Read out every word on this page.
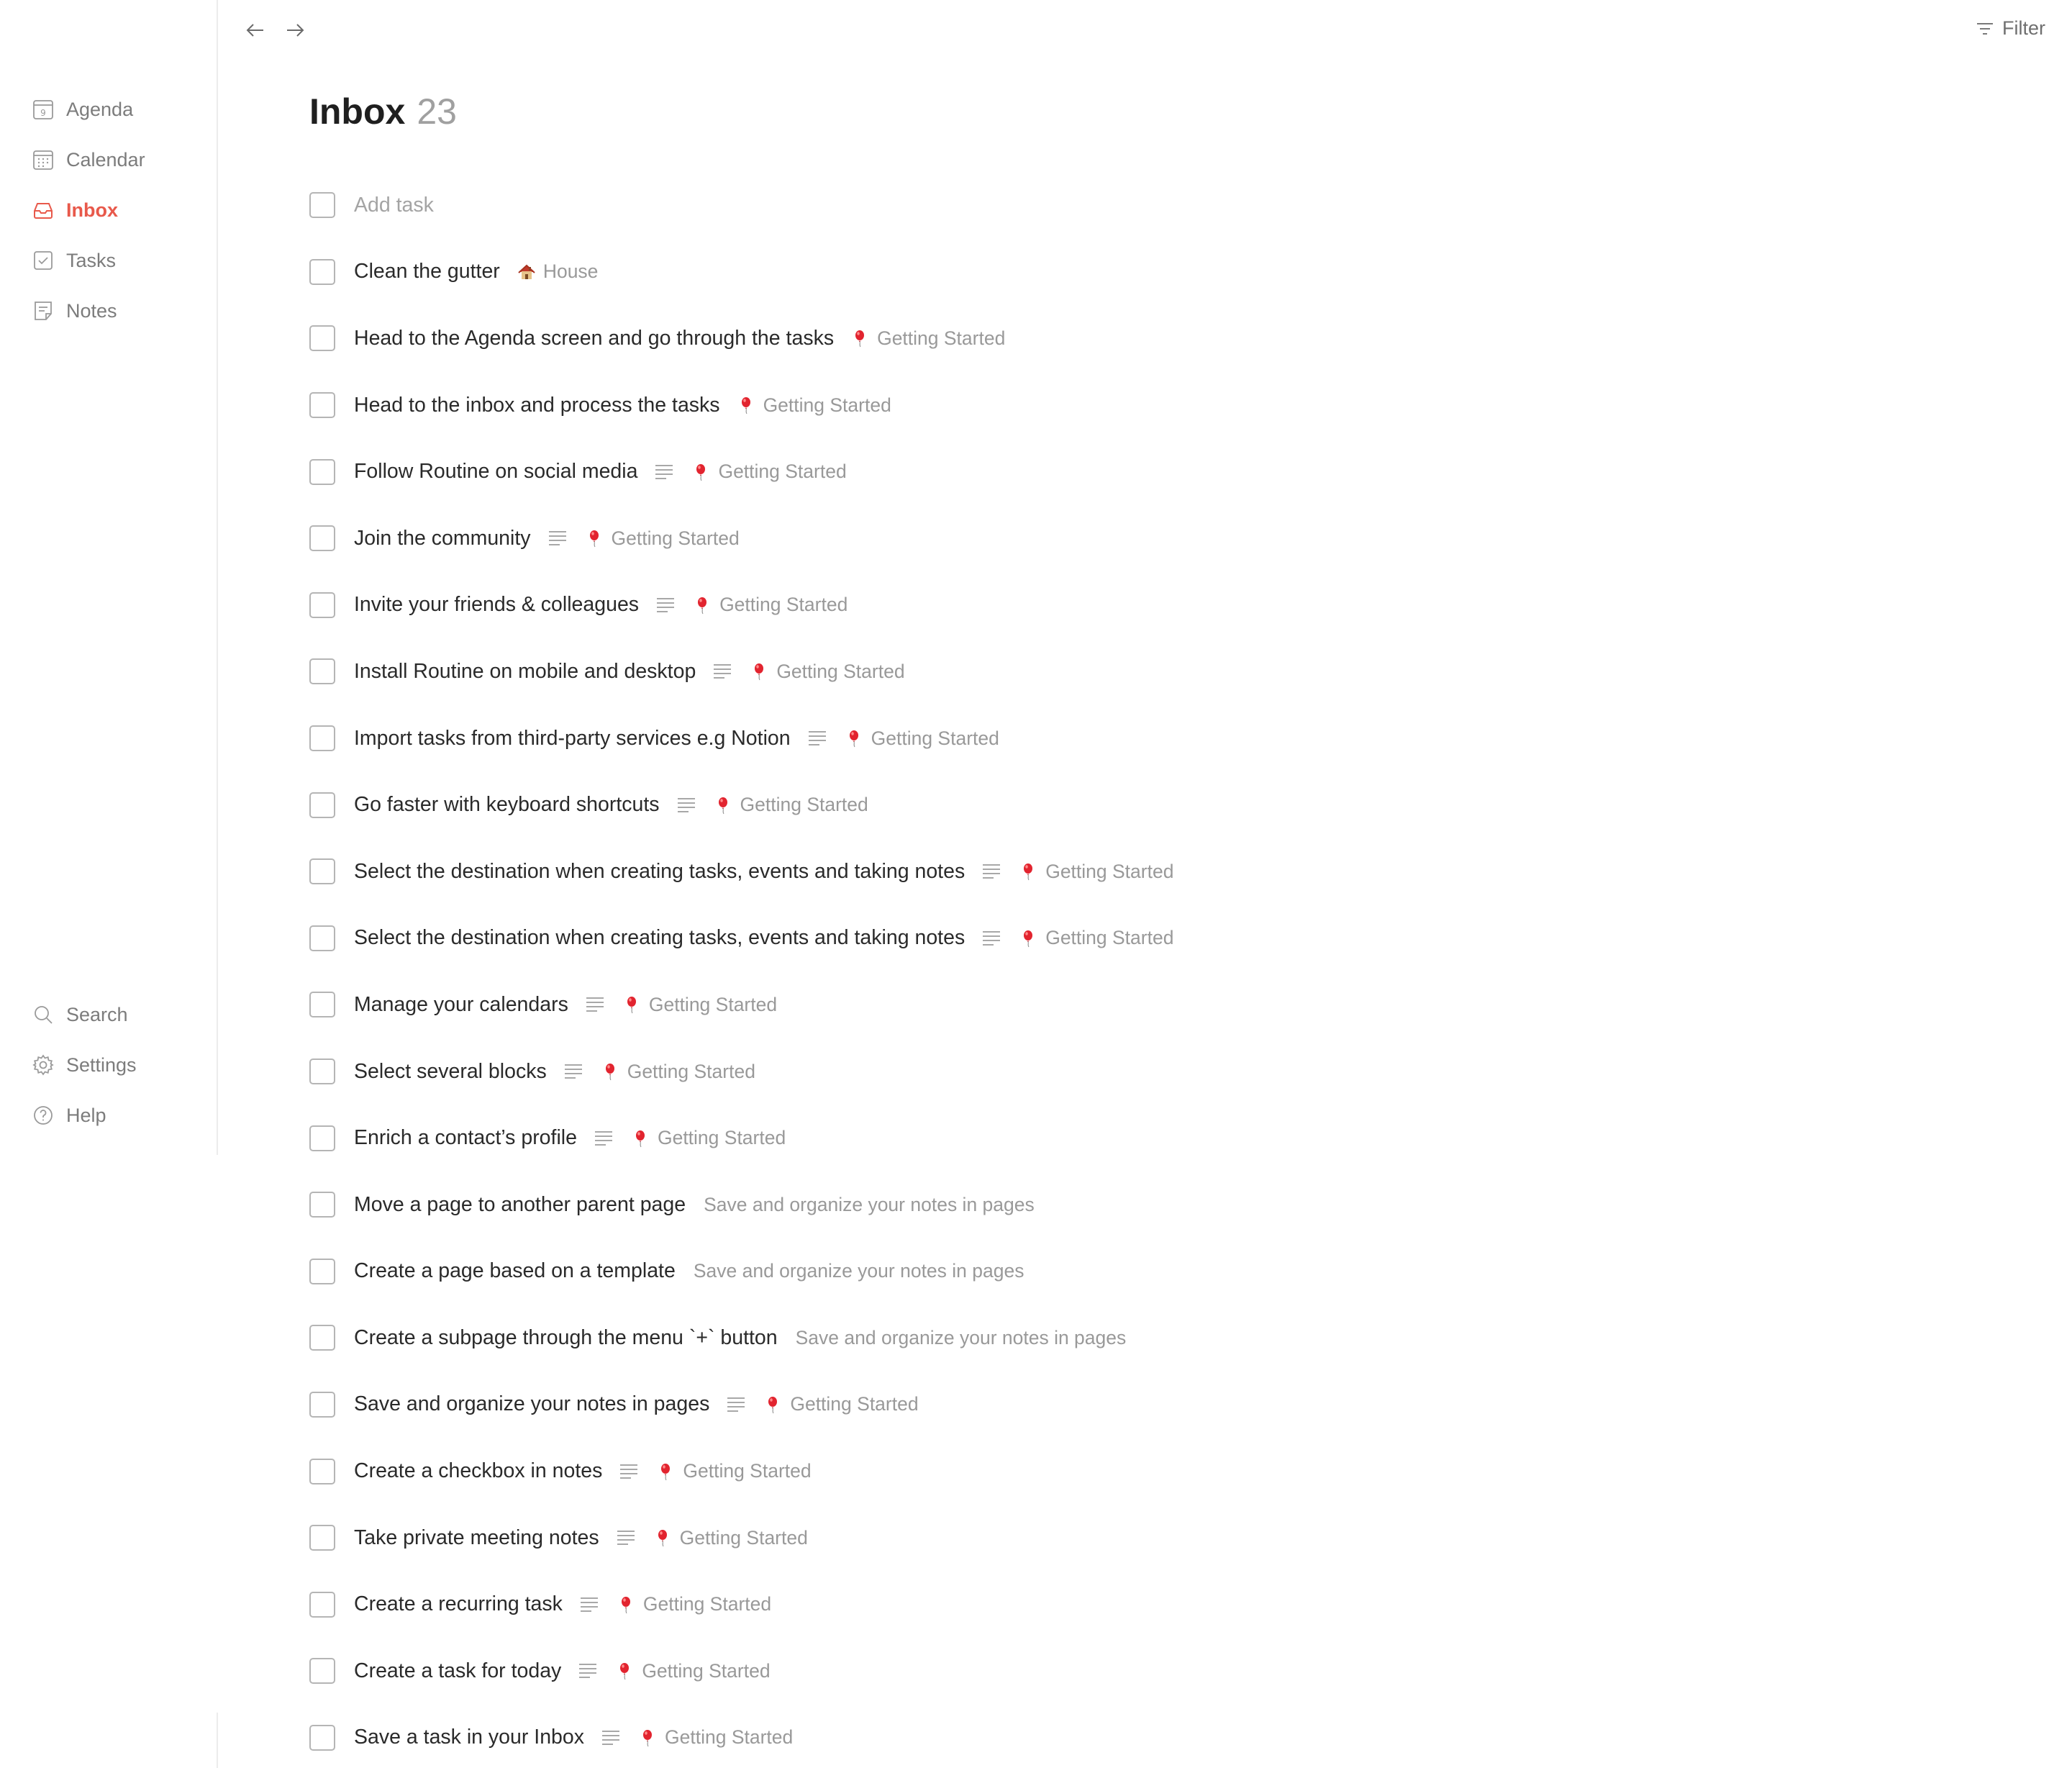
9 Agenda
Calendar
Inbox
Tasks
Notes
Search
Settings
Help
Filter
Inbox 23
Add task
Clean the gutter House
Head to the Agenda screen and go through the tasks Getting Started
Head to the inbox and process the tasks Getting Started
Follow Routine on social media	Getting Started
Join the community	Getting Started
Invite your friends & colleagues	Getting Started
Install Routine on mobile and desktop	Getting Started
Import tasks from third-party services e.g Notion	Getting Started
Go faster with keyboard shortcuts	Getting Started
Select the destination when creating tasks, events and taking notes	Getting Started
Select the destination when creating tasks, events and taking notes	Getting Started
Manage your calendars	Getting Started
Select several blocks	Getting Started
Enrich a contact’s profile	Getting Started
Move a page to another parent page Save and organize your notes in pages
Create a page based on a template Save and organize your notes in pages
Create a subpage through the menu `+` button Save and organize your notes in pages
Save and organize your notes in pages	Getting Started
Create a checkbox in notes	Getting Started
Take private meeting notes	Getting Started
Create a recurring task	Getting Started
Create a task for today	Getting Started
Save a task in your Inbox	Getting Started
